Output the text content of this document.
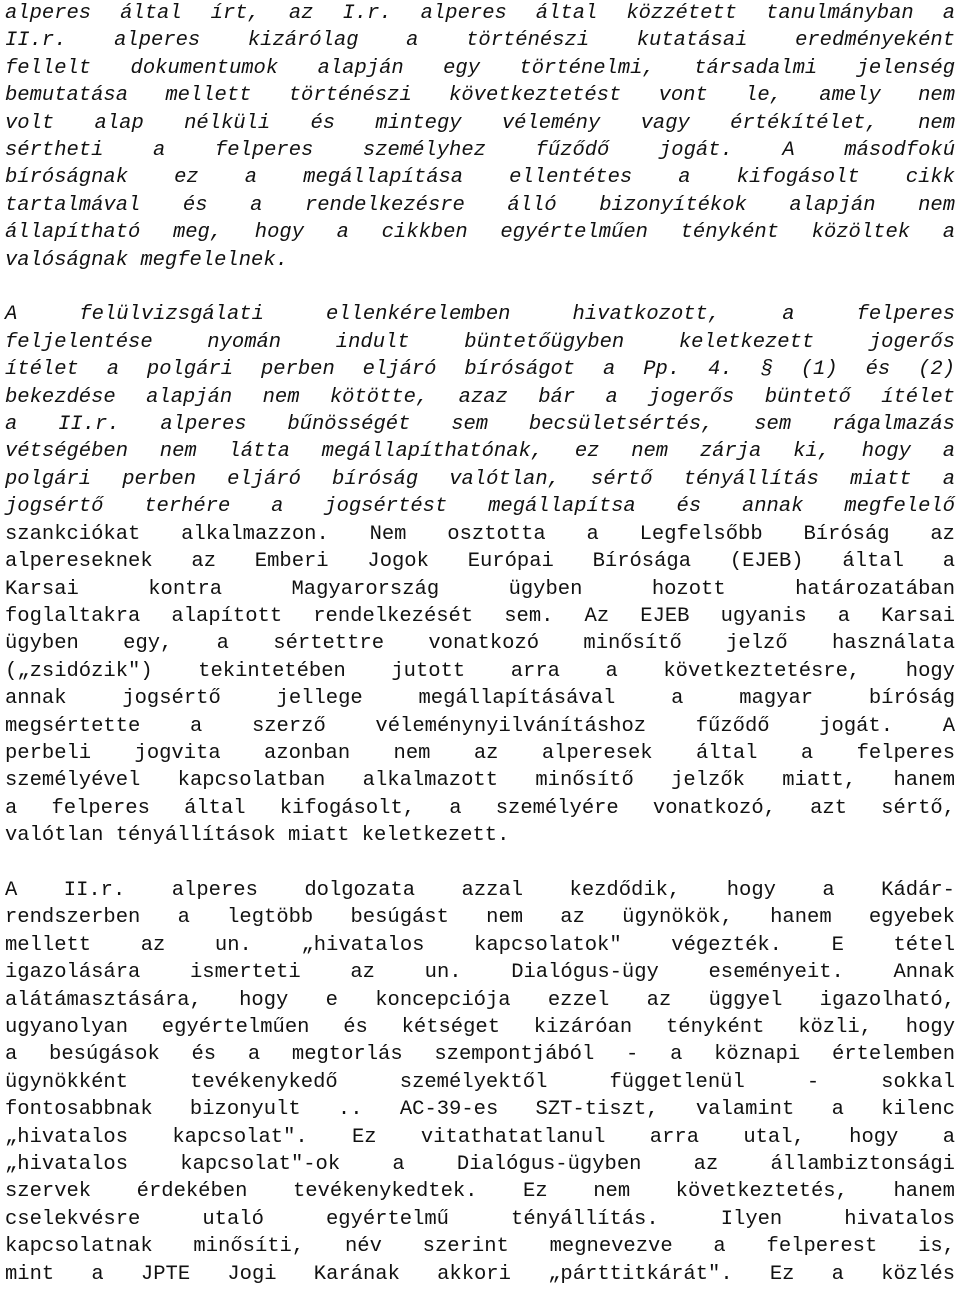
alperes által írt, az I.r. alperes által közzétett tanulmányban a
II.r. alperes kizárólag a történészi kutatásai eredményeként
fellelt dokumentumok alapján egy történelmi, társadalmi jelenség
bemutatása mellett történészi következtetést vont le, amely nem
volt alap nélküli és mintegy vélemény vagy értékítélet, nem
sértheti a felperes személyhez fűződő jogát. A másodfokú
bíróságnak ez a megállapítása ellentétes a kifogásolt cikk
tartalmával és a rendelkezésre álló bizonyítékok alapján nem
állapítható meg, hogy a cikkben egyértelműen tényként közöltek a
valóságnak megfelelnek.
A felülvizsgálati ellenkérelemben hivatkozott, a felperes
feljelentése nyomán indult büntetőügyben keletkezett jogerős
ítélet a polgári perben eljáró bíróságot a Pp. 4. § (1) és (2)
bekezdése alapján nem kötötte, azaz bár a jogerős büntető ítélet
a II.r. alperes bűnösségét sem becsületsértés, sem rágalmazás
vétségében nem látta megállapíthatónak, ez nem zárja ki, hogy a
polgári perben eljáró bíróság valótlan, sértő tényállítás miatt a
jogsértő terhére a jogsértést megállapítsa és annak megfelelő
szankciókat alkalmazzon. Nem osztotta a Legfelsőbb Bíróság az
alpereseknek az Emberi Jogok Európai Bírósága (EJEB) által a
Karsai kontra Magyarország ügyben hozott határozatában
foglaltakra alapított rendelkezését sem. Az EJEB ugyanis a Karsai
ügyben egy, a sértettre vonatkozó minősítő jelző használata
(„zsidózik") tekintetében jutott arra a következtetésre, hogy
annak jogsértő jellege megállapításával a magyar bíróság
megsértette a szerző véleménynyilvánításhoz fűződő jogát. A
perbeli jogvita azonban nem az alperesek által a felperes
személyével kapcsolatban alkalmazott minősítő jelzők miatt, hanem
a felperes által kifogásolt, a személyére vonatkozó, azt sértő,
valótlan tényállítások miatt keletkezett.
A II.r. alperes dolgozata azzal kezdődik, hogy a Kádár-
rendszerben a legtöbb besúgást nem az ügynökök, hanem egyebek
mellett az un. „hivatalos kapcsolatok" végezték. E tétel
igazolására ismerteti az un. Dialógus-ügy eseményeit. Annak
alátámasztására, hogy e koncepciója ezzel az üggyel igazolható,
ugyanolyan egyértelműen és kétséget kizáróan tényként közli, hogy
a besúgások és a megtorlás szempontjából - a köznapi értelemben
ügynökként tevékenykedő személyektől függetlenül - sokkal
fontosabbnak bizonyult .. AC-39-es SZT-tiszt, valamint a kilenc
„hivatalos kapcsolat". Ez vitathatatlanul arra utal, hogy a
„hivatalos kapcsolat"-ok a Dialógus-ügyben az állambiztonsági
szervek érdekében tevékenykedtek. Ez nem következtetés, hanem
cselekvésre utaló egyértelmű tényállítás. Ilyen hivatalos
kapcsolatnak minősíti, név szerint megnevezve a felperest is,
mint a JPTE Jogi Karának akkori „párttitkárát". Ez a közlés
